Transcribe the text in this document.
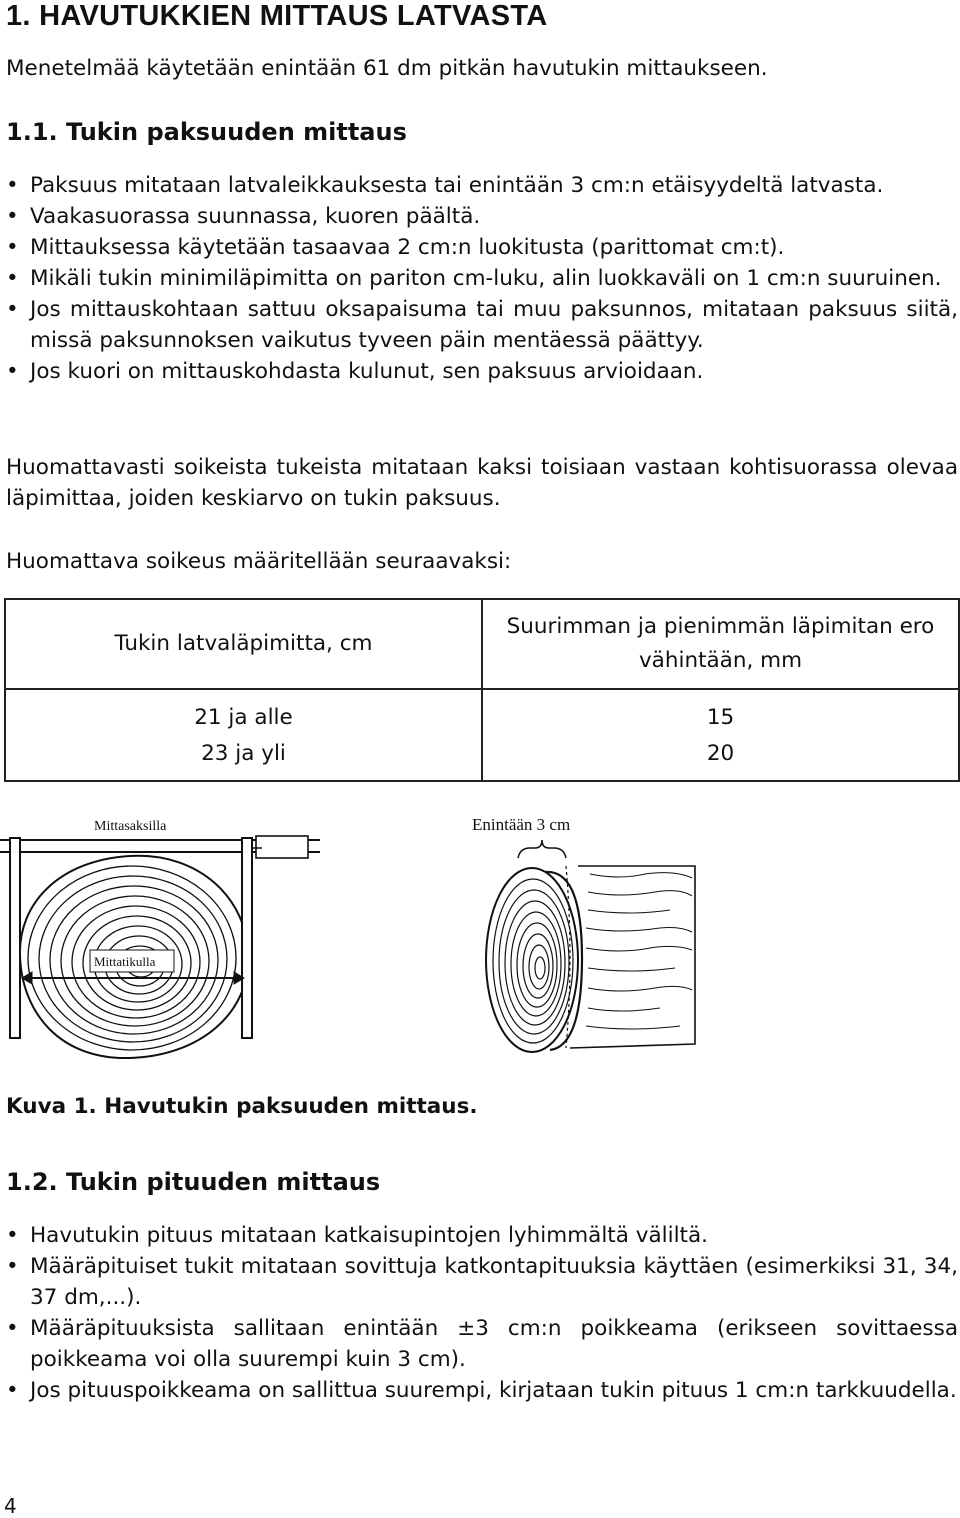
1. HAVUTUKKIEN MITTAUS LATVASTA
Menetelmää käytetään enintään 61 dm pitkän havutukin mittaukseen.
1.1. Tukin paksuuden mittaus
• Paksuus mitataan latvaleikkauksesta tai enintään 3 cm:n etäisyydeltä latvasta.
• Vaakasuorassa suunnassa, kuoren päältä.
• Mittauksessa käytetään tasaavaa 2 cm:n luokitusta (parittomat cm:t).
• Mikäli tukin minimiläpimitta on pariton cm-luku, alin luokkaväli on 1 cm:n suuruinen.
• Jos mittauskohtaan sattuu oksapaisuma tai muu paksunnos, mitataan paksuus siitä, missä paksunnoksen vaikutus tyveen päin mentäessä päättyy.
• Jos kuori on mittauskohdasta kulunut, sen paksuus arvioidaan.
Huomattavasti soikeista tukeista mitataan kaksi toisiaan vastaan kohtisuorassa olevaa läpimittaa, joiden keskiarvo on tukin paksuus.
Huomattava soikeus määritellään seuraavaksi:
Tukin latvaläpimitta, cm	Suurimman ja pienimmän läpimitan ero vähintään, mm
21 ja alle	15
23 ja yli	20
Mittasaksilla
Mittatikulla
Enintään 3 cm
Kuva 1. Havutukin paksuuden mittaus.
1.2. Tukin pituuden mittaus
• Havutukin pituus mitataan katkaisupintojen lyhimmältä väliltä.
• Määräpituiset tukit mitataan sovittuja katkontapituuksia käyttäen (esimerkiksi 31, 34, 37 dm,...).
• Määräpituuksista sallitaan enintään ±3 cm:n poikkeama (erikseen sovittaessa poikkeama voi olla suurempi kuin 3 cm).
• Jos pituuspoikkeama on sallittua suurempi, kirjataan tukin pituus 1 cm:n tarkkuudella.
4
